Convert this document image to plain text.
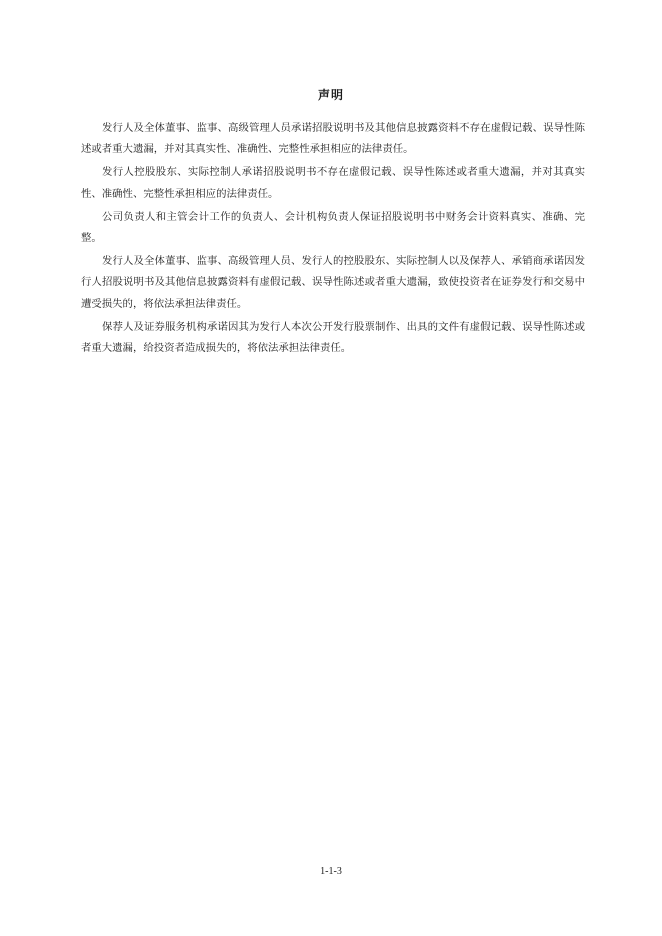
声明

发行人及全体董事、监事、高级管理人员承诺招股说明书及其他信息披露资料不存在虚假记载、误导性陈述或者重大遗漏，并对其真实性、准确性、完整性承担相应的法律责任。

发行人控股股东、实际控制人承诺招股说明书不存在虚假记载、误导性陈述或者重大遗漏，并对其真实性、准确性、完整性承担相应的法律责任。

公司负责人和主管会计工作的负责人、会计机构负责人保证招股说明书中财务会计资料真实、准确、完整。

发行人及全体董事、监事、高级管理人员、发行人的控股股东、实际控制人以及保荐人、承销商承诺因发行人招股说明书及其他信息披露资料有虚假记载、误导性陈述或者重大遗漏，致使投资者在证券发行和交易中遭受损失的，将依法承担法律责任。

保荐人及证券服务机构承诺因其为发行人本次公开发行股票制作、出具的文件有虚假记载、误导性陈述或者重大遗漏，给投资者造成损失的，将依法承担法律责任。

1-1-3
